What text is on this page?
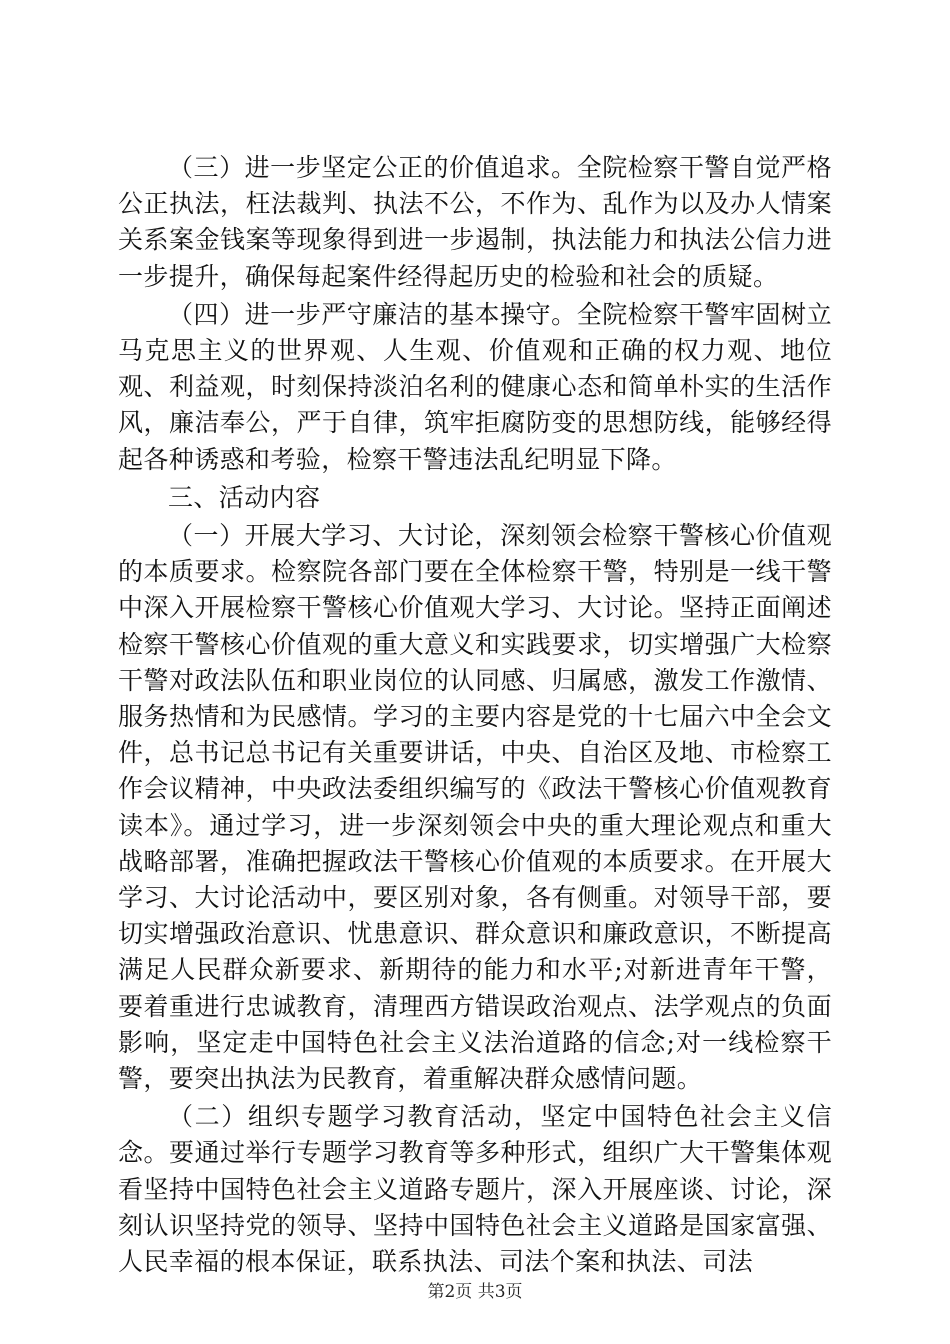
（三）进一步坚定公正的价值追求。全院检察干警自觉严格公正执法，枉法裁判、执法不公，不作为、乱作为以及办人情案关系案金钱案等现象得到进一步遏制，执法能力和执法公信力进一步提升，确保每起案件经得起历史的检验和社会的质疑。

（四）进一步严守廉洁的基本操守。全院检察干警牢固树立马克思主义的世界观、人生观、价值观和正确的权力观、地位观、利益观，时刻保持淡泊名利的健康心态和简单朴实的生活作风，廉洁奉公，严于自律，筑牢拒腐防变的思想防线，能够经得起各种诱惑和考验，检察干警违法乱纪明显下降。

三、活动内容

（一）开展大学习、大讨论，深刻领会检察干警核心价值观的本质要求。检察院各部门要在全体检察干警，特别是一线干警中深入开展检察干警核心价值观大学习、大讨论。坚持正面阐述检察干警核心价值观的重大意义和实践要求，切实增强广大检察干警对政法队伍和职业岗位的认同感、归属感，激发工作激情、服务热情和为民感情。学习的主要内容是党的十七届六中全会文件，总书记总书记有关重要讲话，中央、自治区及地、市检察工作会议精神，中央政法委组织编写的《政法干警核心价值观教育读本》。通过学习，进一步深刻领会中央的重大理论观点和重大战略部署，准确把握政法干警核心价值观的本质要求。在开展大学习、大讨论活动中，要区别对象，各有侧重。对领导干部，要切实增强政治意识、忧患意识、群众意识和廉政意识，不断提高满足人民群众新要求、新期待的能力和水平;对新进青年干警，要着重进行忠诚教育，清理西方错误政治观点、法学观点的负面影响，坚定走中国特色社会主义法治道路的信念;对一线检察干警，要突出执法为民教育，着重解决群众感情问题。

（二）组织专题学习教育活动，坚定中国特色社会主义信念。要通过举行专题学习教育等多种形式，组织广大干警集体观看坚持中国特色社会主义道路专题片，深入开展座谈、讨论，深刻认识坚持党的领导、坚持中国特色社会主义道路是国家富强、人民幸福的根本保证，联系执法、司法个案和执法、司法

第2页 共3页
